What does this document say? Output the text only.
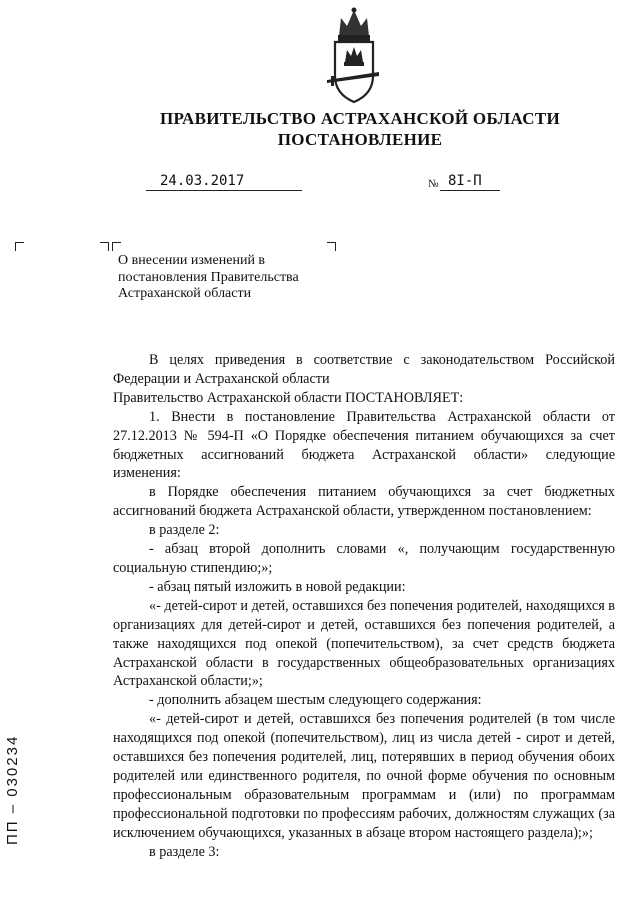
ПРАВИТЕЛЬСТВО АСТРАХАНСКОЙ ОБЛАСТИ
ПОСТАНОВЛЕНИЕ
24.03.2017	№ 8I-П
О внесении изменений в постановления Правительства Астраханской области

В целях приведения в соответствие с законодательством Российской Федерации и Астраханской области

Правительство Астраханской области ПОСТАНОВЛЯЕТ:

1. Внести в постановление Правительства Астраханской области от 27.12.2013 № 594-П «О Порядке обеспечения питанием обучающихся за счет бюджетных ассигнований бюджета Астраханской области» следующие изменения:

в Порядке обеспечения питанием обучающихся за счет бюджетных ассигнований бюджета Астраханской области, утвержденном постановлением:

в разделе 2:

- абзац второй дополнить словами «, получающим государственную социальную стипендию;»;

- абзац пятый изложить в новой редакции:

«- детей-сирот и детей, оставшихся без попечения родителей, находящихся в организациях для детей-сирот и детей, оставшихся без попечения родителей, а также находящихся под опекой (попечительством), за счет средств бюджета Астраханской области в государственных общеобразовательных организациях Астраханской области;»;

- дополнить абзацем шестым следующего содержания:

«- детей-сирот и детей, оставшихся без попечения родителей (в том числе находящихся под опекой (попечительством), лиц из числа детей - сирот и детей, оставшихся без попечения родителей, лиц, потерявших в период обучения обоих родителей или единственного родителя, по очной форме обучения по основным профессиональным образовательным программам и (или) по программам профессиональной подготовки по профессиям рабочих, должностям служащих (за исключением обучающихся, указанных в абзаце втором настоящего раздела);»;

в разделе 3:

ПП – 030234
